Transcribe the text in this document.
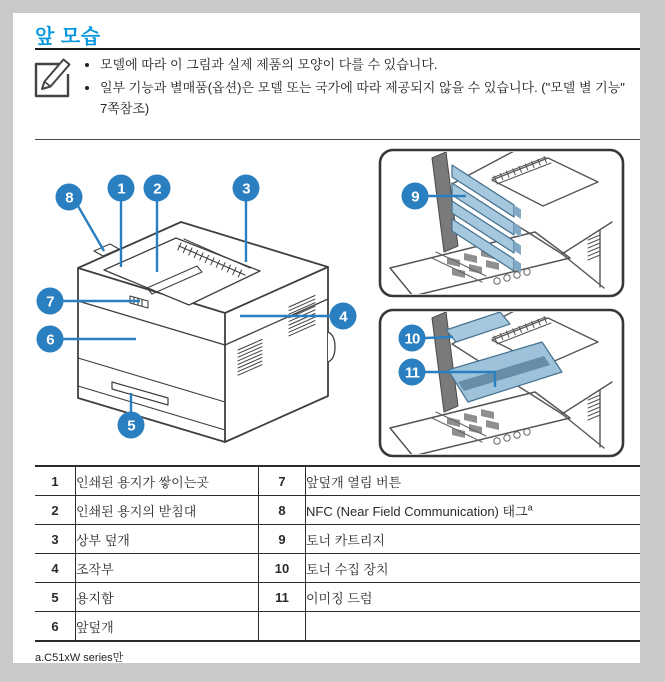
앞 모습
• 모델에 따라 이 그림과 실제 제품의 모양이 다를 수 있습니다.
• 일부 기능과 별매품(옵션)은 모델 또는 국가에 따라 제공되지 않을 수 있습니다. ("모델 별 기능" 7쪽참조)
1 2	3
4
5
6
7
8	9
10
11
1	인쇄된 용지가 쌓이는곳	7	앞덮개 열림 버튼
2	인쇄된 용지의 받침대	8	NFC (Near Field Communication) 태그$^a$
3	상부 덮개	9	토너 카트리지
4	조작부	10	토너 수집 장치
5	용지함	11	이미징 드럼
6	앞덮개		
a.C51xW series만
